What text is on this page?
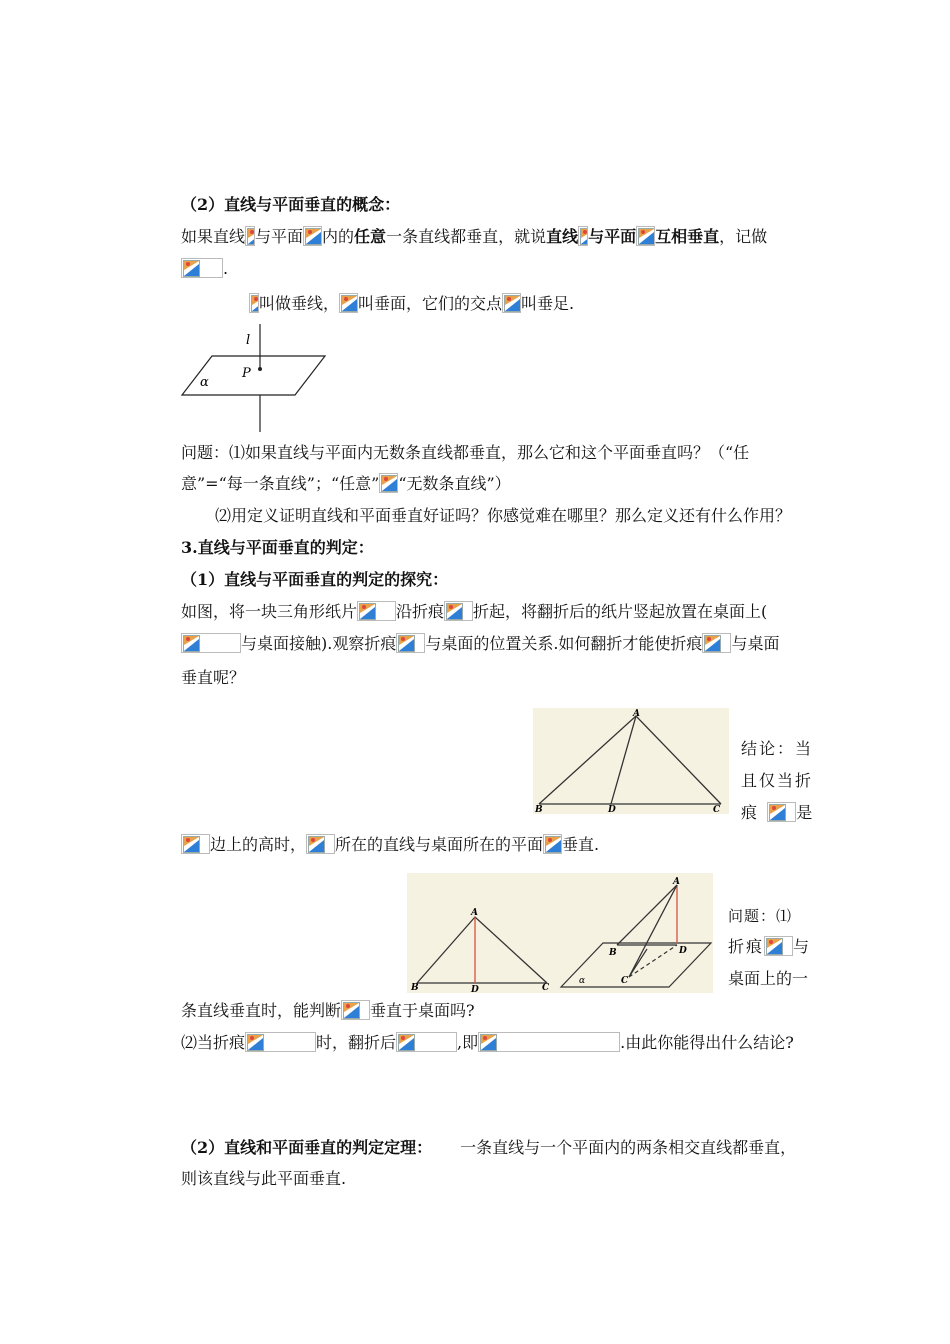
（2）直线与平面垂直的概念：
如果直线 与平面 内的任意一条直线都垂直，就说直线 与平面 互相垂直，记做
.
叫做垂线， 叫垂面，它们的交点 叫垂足.
l
P
α
问题：⑴如果直线与平面内无数条直线都垂直，那么它和这个平面垂直吗？（“任
意”=“每一条直线”；“任意” “无数条直线”）
⑵用定义证明直线和平面垂直好证吗？你感觉难在哪里？那么定义还有什么作用？
3.直线与平面垂直的判定：
（1）直线与平面垂直的判定的探究：
如图，将一块三角形纸片 沿折痕 折起，将翻折后的纸片竖起放置在桌面上(
与桌面接触).观察折痕 与桌面的位置关系.如何翻折才能使折痕 与桌面
垂直呢？
A
B	D	C
结论：当
且仅当折
痕 是
边上的高时， 所在的直线与桌面所在的平面 垂直.
A
B	D	C
A
B	D
C
α
问题：⑴
折痕 与
桌面上的一
条直线垂直时，能判断 垂直于桌面吗?
⑵当折痕	时，翻折后	,即	.由此你能得出什么结论?
（2）直线和平面垂直的判定定理： 一条直线与一个平面内的两条相交直线都垂直，
则该直线与此平面垂直.
